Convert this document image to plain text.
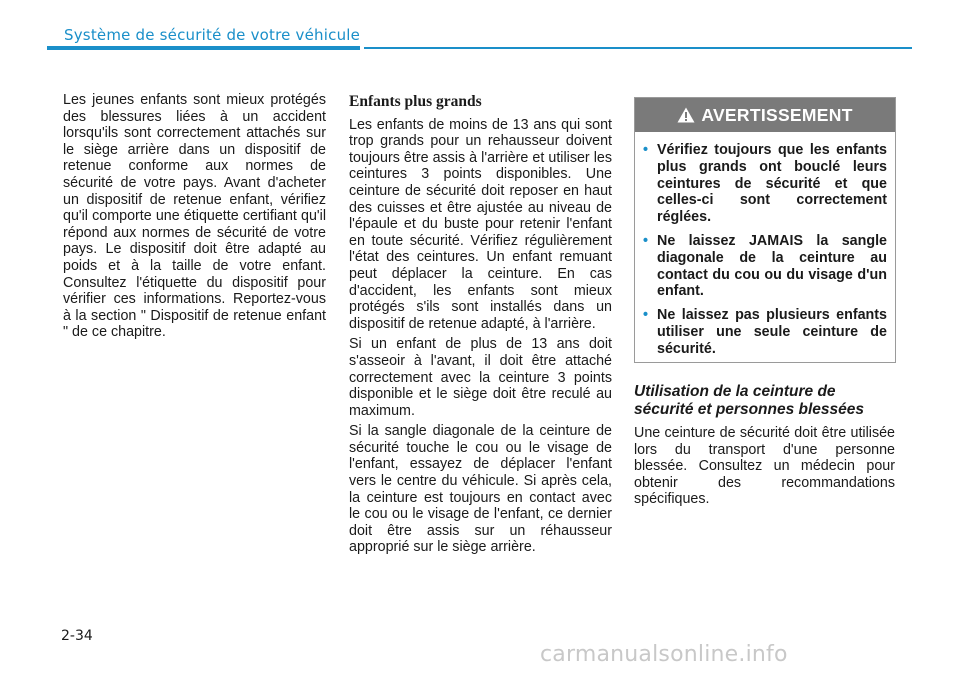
Système de sécurité de votre véhicule

Les jeunes enfants sont mieux protégés des blessures liées à un accident lorsqu'ils sont correctement attachés sur le siège arrière dans un dispositif de retenue conforme aux normes de sécurité de votre pays. Avant d'acheter un dispositif de retenue enfant, vérifiez qu'il comporte une étiquette certifiant qu'il répond aux normes de sécurité de votre pays. Le dispositif doit être adapté au poids et à la taille de votre enfant. Consultez l'étiquette du dispositif pour vérifier ces informations. Reportez-vous à la section " Dispositif de retenue enfant " de ce chapitre.

Enfants plus grands

Les enfants de moins de 13 ans qui sont trop grands pour un rehausseur doivent toujours être assis à l'arrière et utiliser les ceintures 3 points disponibles. Une ceinture de sécurité doit reposer en haut des cuisses et être ajustée au niveau de l'épaule et du buste pour retenir l'enfant en toute sécurité. Vérifiez régulièrement l'état des ceintures. Un enfant remuant peut déplacer la ceinture. En cas d'accident, les enfants sont mieux protégés s'ils sont installés dans un dispositif de retenue adapté, à l'arrière.

Si un enfant de plus de 13 ans doit s'asseoir à l'avant, il doit être attaché correctement avec la ceinture 3 points disponible et le siège doit être reculé au maximum.

Si la sangle diagonale de la ceinture de sécurité touche le cou ou le visage de l'enfant, essayez de déplacer l'enfant vers le centre du véhicule. Si après cela, la ceinture est toujours en contact avec le cou ou le visage de l'enfant, ce dernier doit être assis sur un réhausseur approprié sur le siège arrière.

AVERTISSEMENT
• Vérifiez toujours que les enfants plus grands ont bouclé leurs ceintures de sécurité et que celles-ci sont correctement réglées.
• Ne laissez JAMAIS la sangle diagonale de la ceinture au contact du cou ou du visage d'un enfant.
• Ne laissez pas plusieurs enfants utiliser une seule ceinture de sécurité.
Utilisation de la ceinture de sécurité et personnes blessées

Une ceinture de sécurité doit être utilisée lors du transport d'une personne blessée. Consultez un médecin pour obtenir des recommandations spécifiques.

2-34
carmanualsonline.info
